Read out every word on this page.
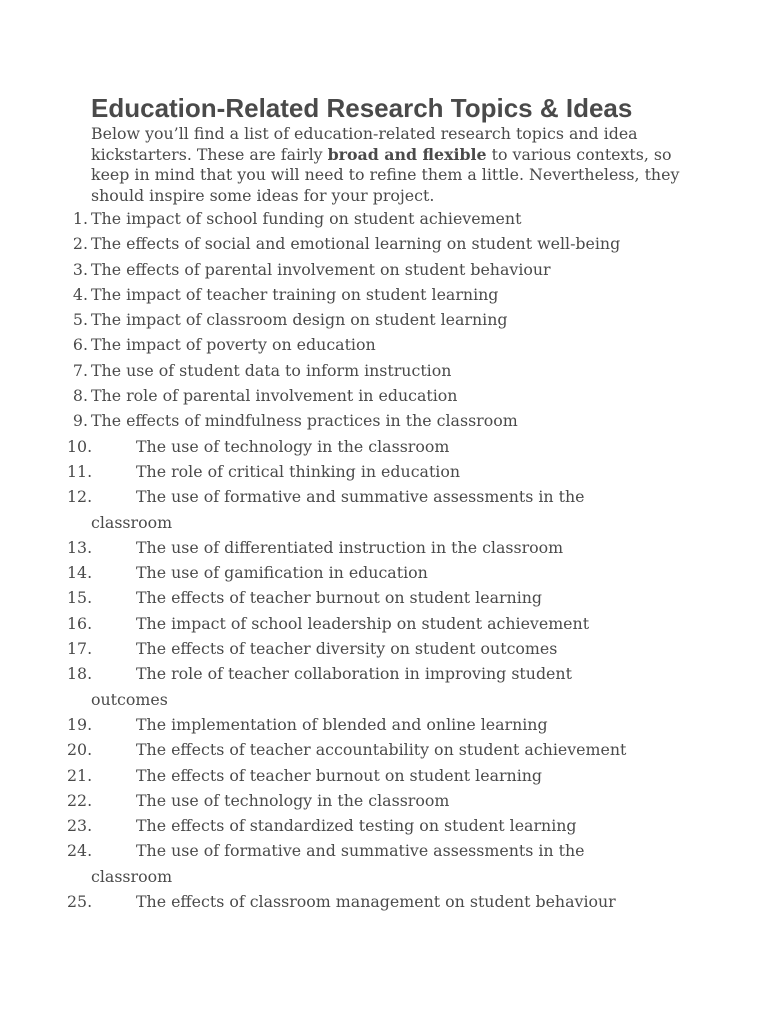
Education-Related Research Topics & Ideas

Below you’ll find a list of education-related research topics and idea kickstarters. These are fairly broad and flexible to various contexts, so keep in mind that you will need to refine them a little. Nevertheless, they should inspire some ideas for your project.

1. The impact of school funding on student achievement
2. The effects of social and emotional learning on student well-being
3. The effects of parental involvement on student behaviour
4. The impact of teacher training on student learning
5. The impact of classroom design on student learning
6. The impact of poverty on education
7. The use of student data to inform instruction
8. The role of parental involvement in education
9. The effects of mindfulness practices in the classroom
10.	The use of technology in the classroom
11.	The role of critical thinking in education
12.	The use of formative and summative assessments in the classroom
13.	The use of differentiated instruction in the classroom
14.	The use of gamification in education
15.	The effects of teacher burnout on student learning
16.	The impact of school leadership on student achievement
17.	The effects of teacher diversity on student outcomes
18.	The role of teacher collaboration in improving student outcomes
19.	The implementation of blended and online learning
20.	The effects of teacher accountability on student achievement
21.	The effects of teacher burnout on student learning
22.	The use of technology in the classroom
23.	The effects of standardized testing on student learning
24.	The use of formative and summative assessments in the classroom
25.	The effects of classroom management on student behaviour
